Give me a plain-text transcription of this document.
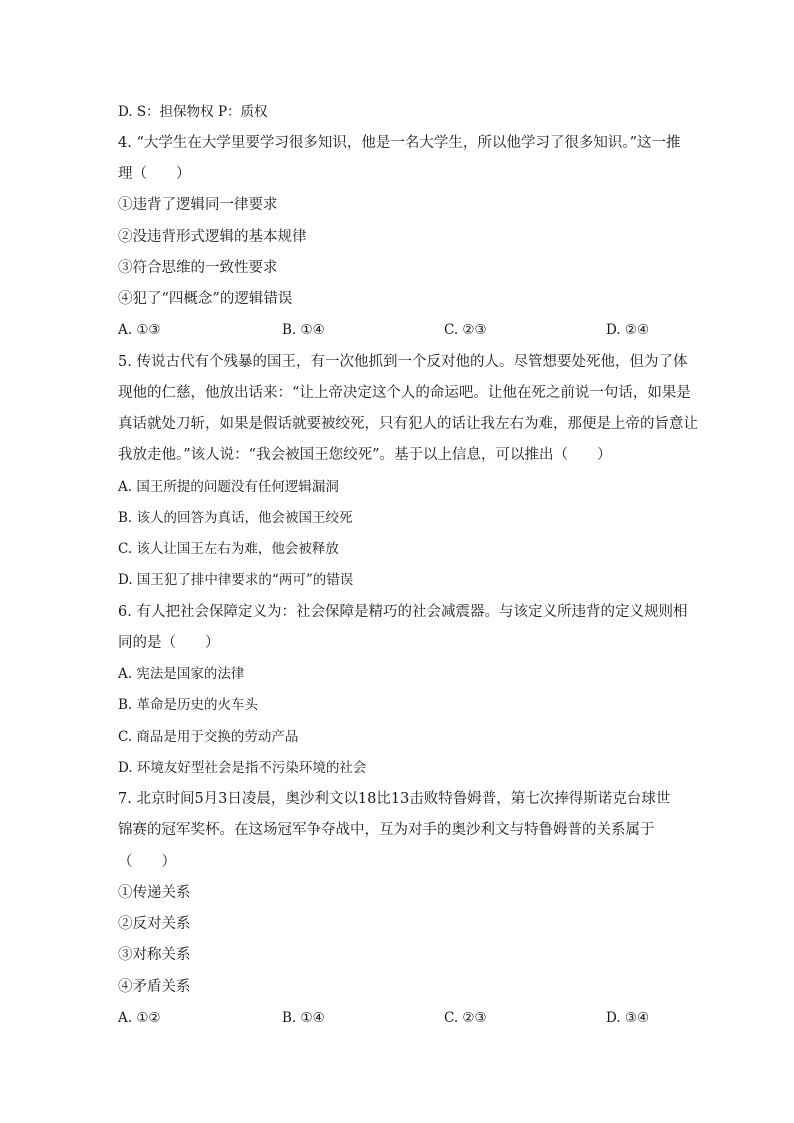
D. S：担保物权 P：质权
4. “大学生在大学里要学习很多知识，他是一名大学生，所以他学习了很多知识。”这一推
理（　　）
①违背了逻辑同一律要求
②没违背形式逻辑的基本规律
③符合思维的一致性要求
④犯了“四概念”的逻辑错误
A. ①③	B. ①④	C. ②③	D. ②④
5. 传说古代有个残暴的国王，有一次他抓到一个反对他的人。尽管想要处死他，但为了体
现他的仁慈，他放出话来：“让上帝决定这个人的命运吧。让他在死之前说一句话，如果是
真话就处刀斩，如果是假话就要被绞死，只有犯人的话让我左右为难，那便是上帝的旨意让
我放走他。”该人说：“我会被国王您绞死”。基于以上信息，可以推出（　　）
A. 国王所提的问题没有任何逻辑漏洞
B. 该人的回答为真话，他会被国王绞死
C. 该人让国王左右为难，他会被释放
D. 国王犯了排中律要求的“两可”的错误
6. 有人把社会保障定义为：社会保障是精巧的社会减震器。与该定义所违背的定义规则相
同的是（　　）
A. 宪法是国家的法律
B. 革命是历史的火车头
C. 商品是用于交换的劳动产品
D. 环境友好型社会是指不污染环境的社会
7. 北京时间5月3日凌晨，奥沙利文以18比13击败特鲁姆普，第七次捧得斯诺克台球世
锦赛的冠军奖杯。在这场冠军争夺战中，互为对手的奥沙利文与特鲁姆普的关系属于
（　　）
①传递关系
②反对关系
③对称关系
④矛盾关系
A. ①②	B. ①④	C. ②③	D. ③④
